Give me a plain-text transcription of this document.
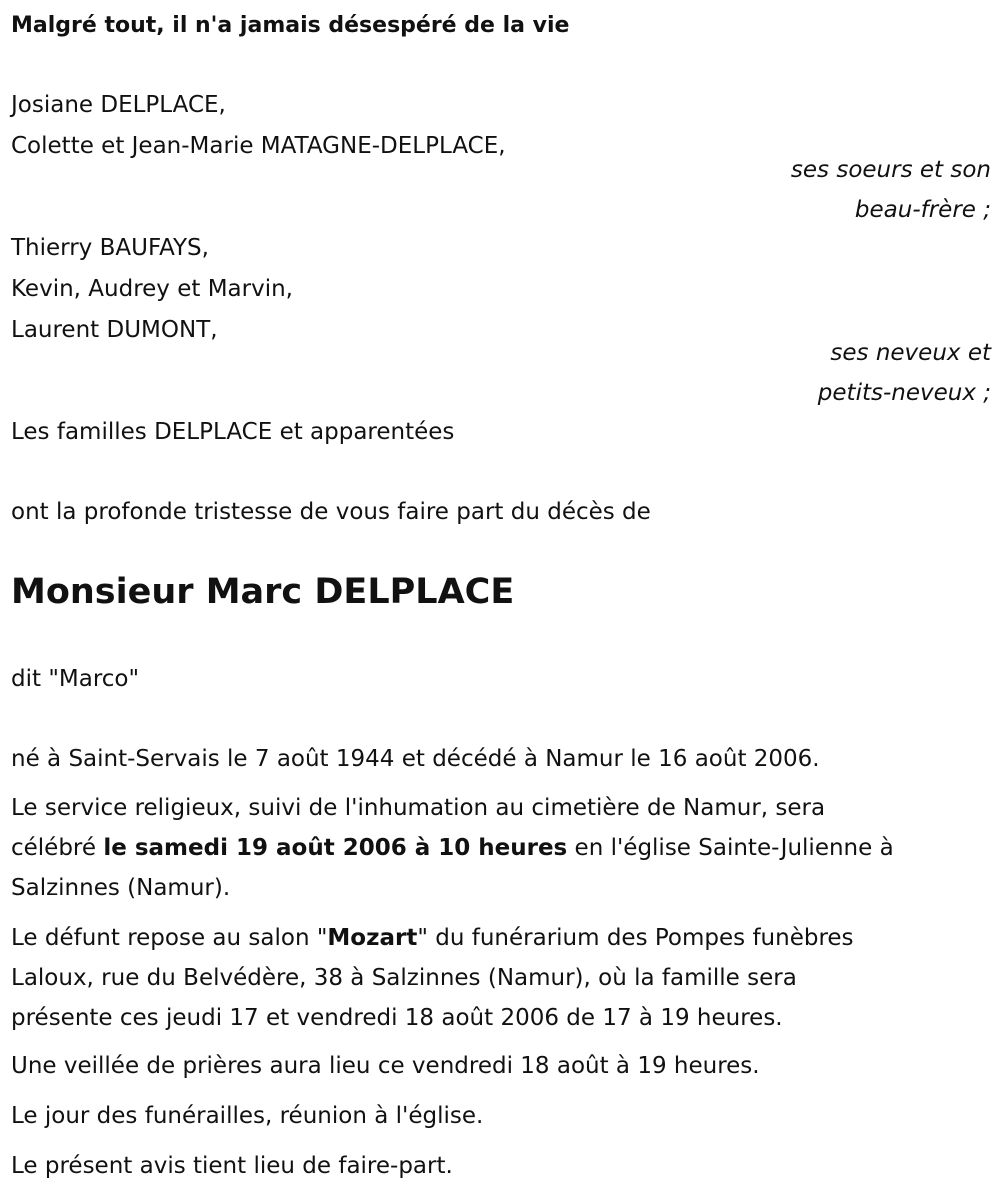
Malgré tout, il n'a jamais désespéré de la vie
Josiane DELPLACE,
Colette et Jean-Marie MATAGNE-DELPLACE,
ses soeurs et son
beau-frère ;
Thierry BAUFAYS,
Kevin, Audrey et Marvin,
Laurent DUMONT,
ses neveux et
petits-neveux ;
Les familles DELPLACE et apparentées
ont la profonde tristesse de vous faire part du décès de
Monsieur Marc DELPLACE
dit "Marco"
né à Saint-Servais le 7 août 1944 et décédé à Namur le 16 août 2006.
Le service religieux, suivi de l'inhumation au cimetière de Namur, sera
célébré le samedi 19 août 2006 à 10 heures en l'église Sainte-Julienne à
Salzinnes (Namur).
Le défunt repose au salon "Mozart" du funérarium des Pompes funèbres
Laloux, rue du Belvédère, 38 à Salzinnes (Namur), où la famille sera
présente ces jeudi 17 et vendredi 18 août 2006 de 17 à 19 heures.
Une veillée de prières aura lieu ce vendredi 18 août à 19 heures.
Le jour des funérailles, réunion à l'église.
Le présent avis tient lieu de faire-part.
